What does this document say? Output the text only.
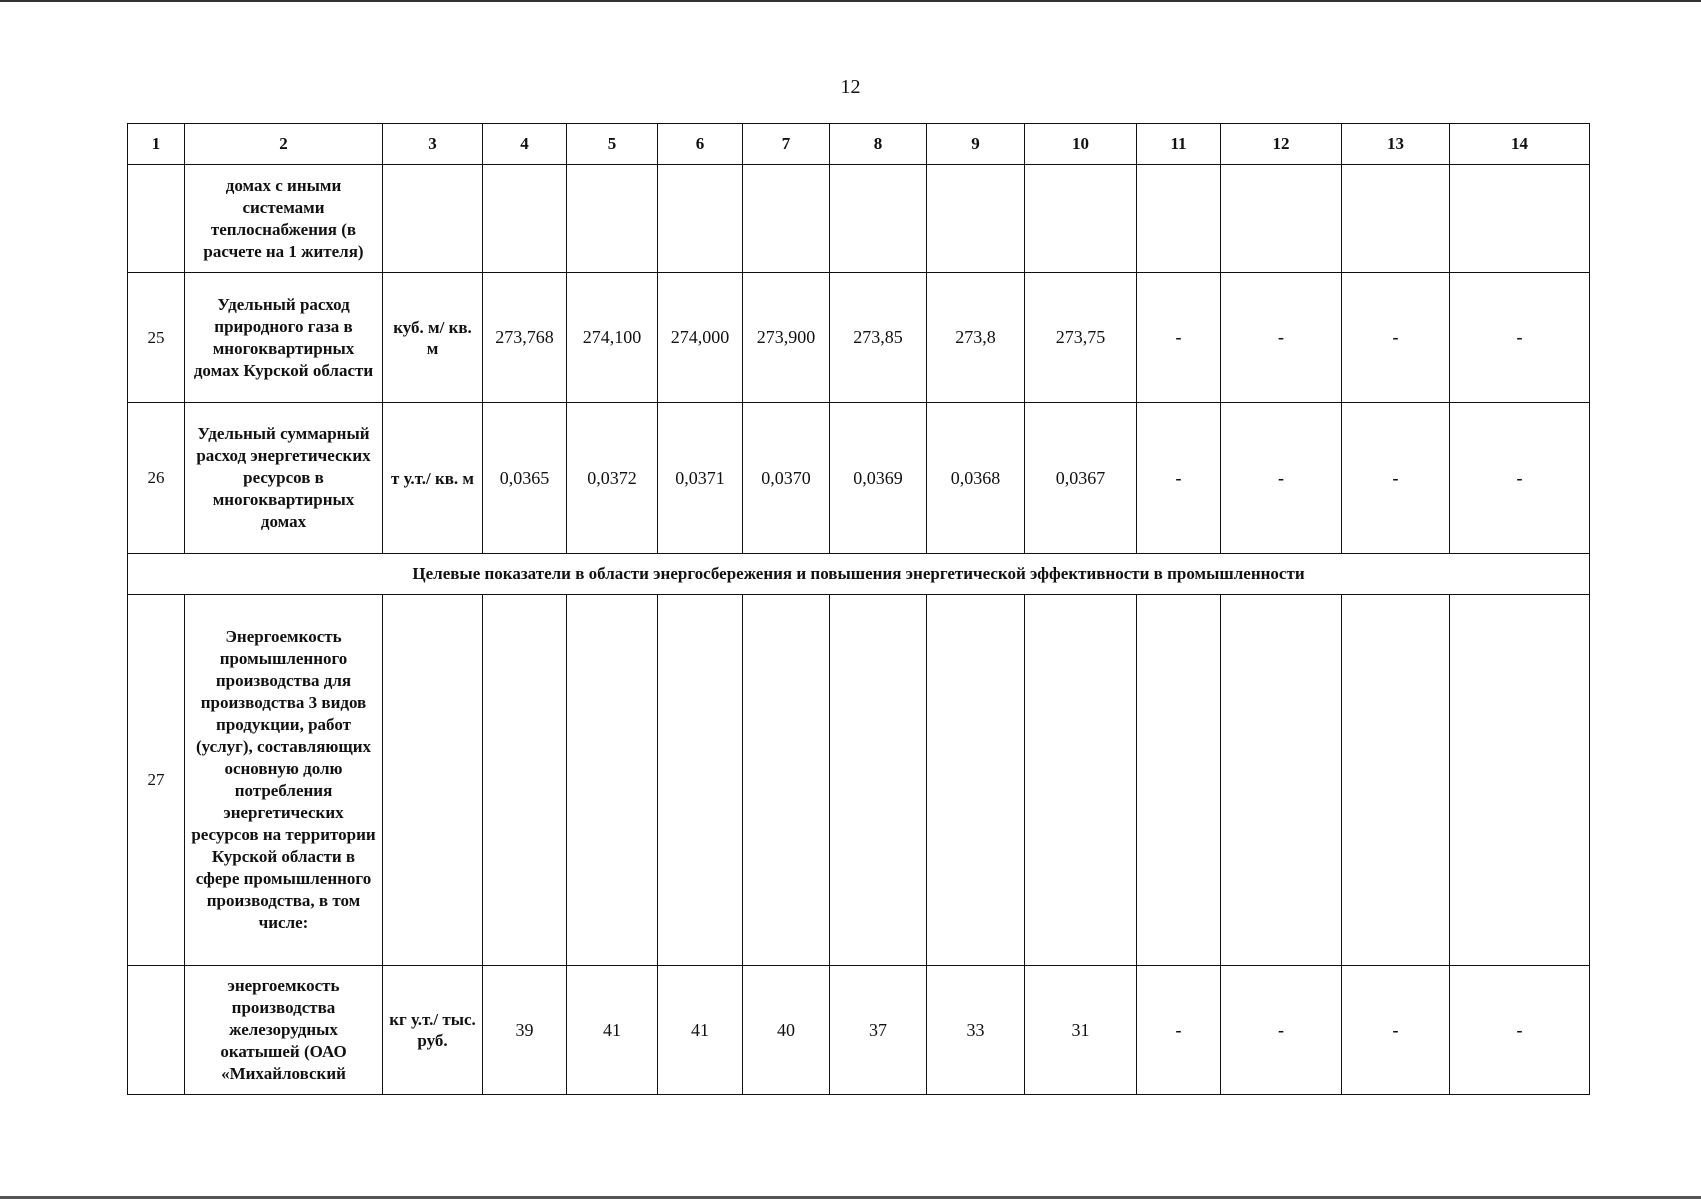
12
1	2	3	4	5	6	7	8	9	10	11	12	13	14
	домах с иными системами теплоснабжения (в расчете на 1 жителя)												
25	Удельный расход природного газа в многоквартирных домах Курской области	куб. м/ кв. м	273,768	274,100	274,000	273,900	273,85	273,8	273,75	-	-	-	-
26	Удельный суммарный расход энергетических ресурсов в многоквартирных домах	т у.т./ кв. м	0,0365	0,0372	0,0371	0,0370	0,0369	0,0368	0,0367	-	-	-	-
Целевые показатели в области энергосбережения и повышения энергетической эффективности в промышленности													
27	Энергоемкость промышленного производства для производства 3 видов продукции, работ (услуг), составляющих основную долю потребления энергетических ресурсов на территории Курской области в сфере промышленного производства, в том числе:												
	энергоемкость производства железорудных окатышей (ОАО «Михайловский	кг у.т./ тыс. руб.	39	41	41	40	37	33	31	-	-	-	-
